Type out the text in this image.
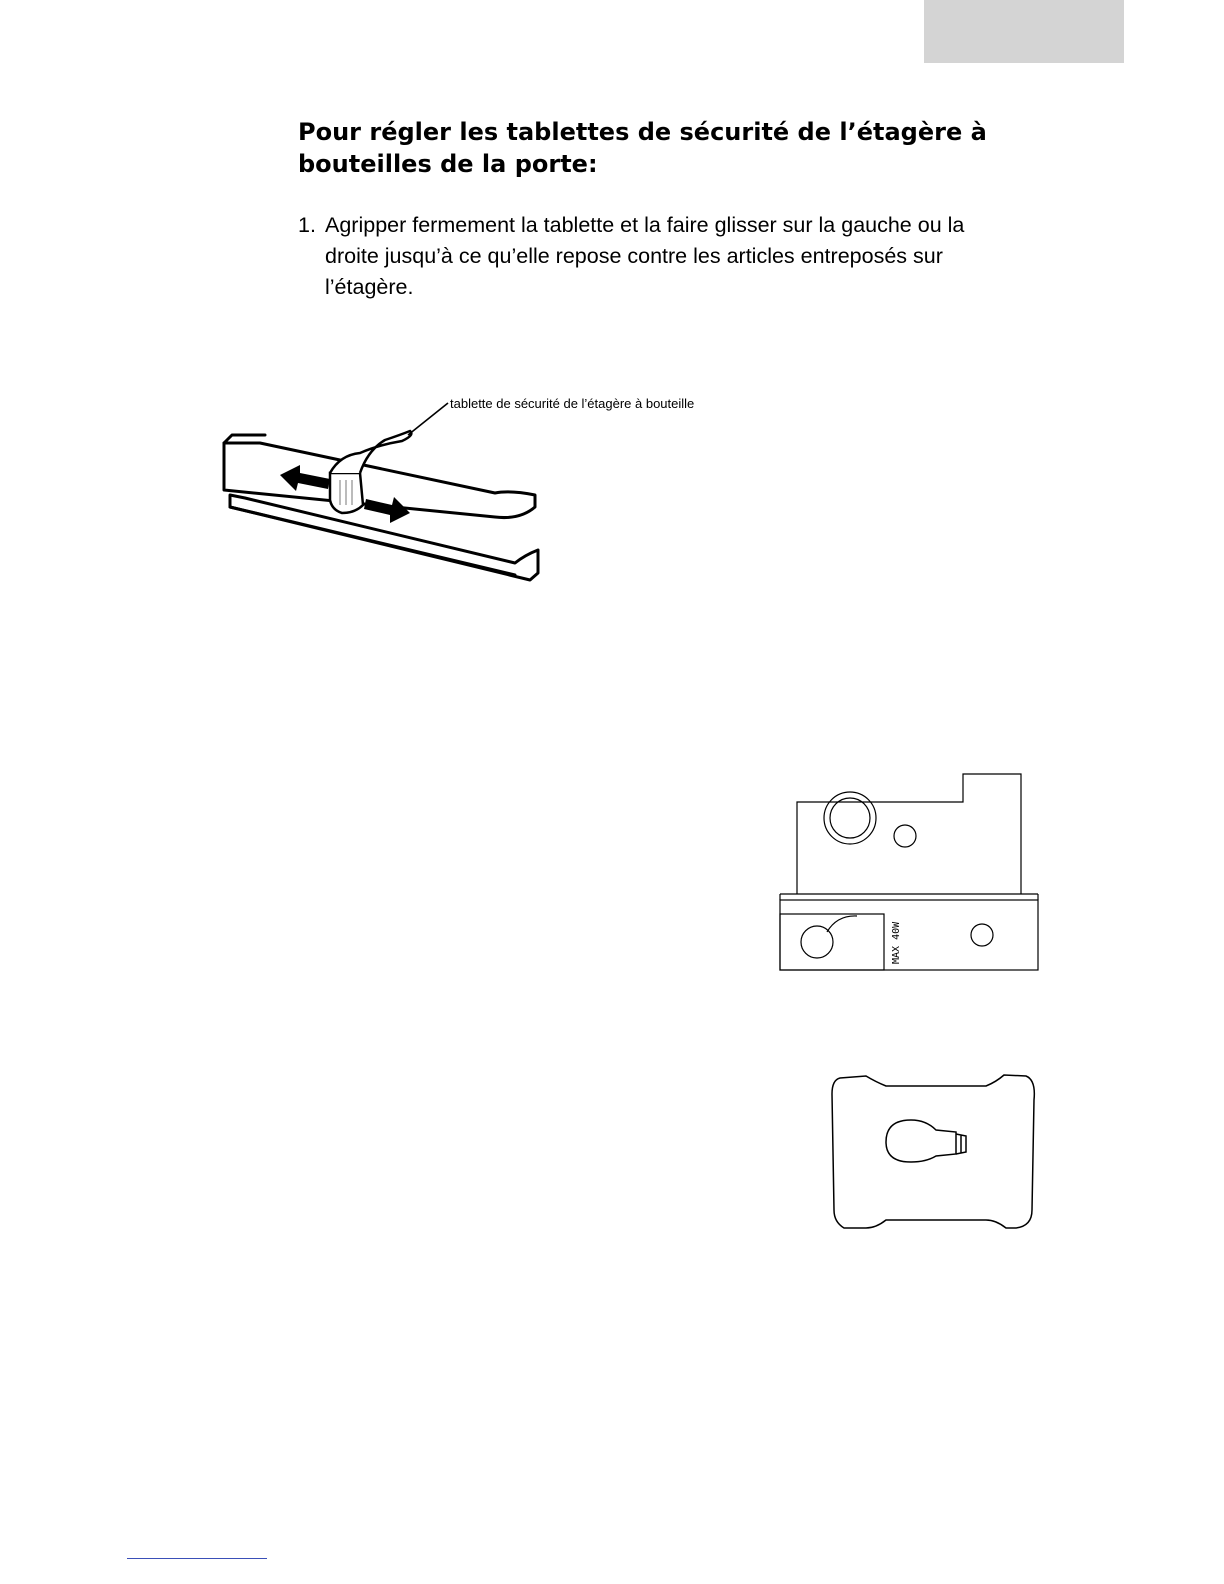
Pour régler les tablettes de sécurité de l’étagère à bouteilles de la porte:
1. Agripper fermement la tablette et la faire glisser sur la gauche ou la droite jusqu’à ce qu’elle repose contre les articles entreposés sur l’étagère.
tablette de sécurité de l’étagère à bouteille
MAX 40W
